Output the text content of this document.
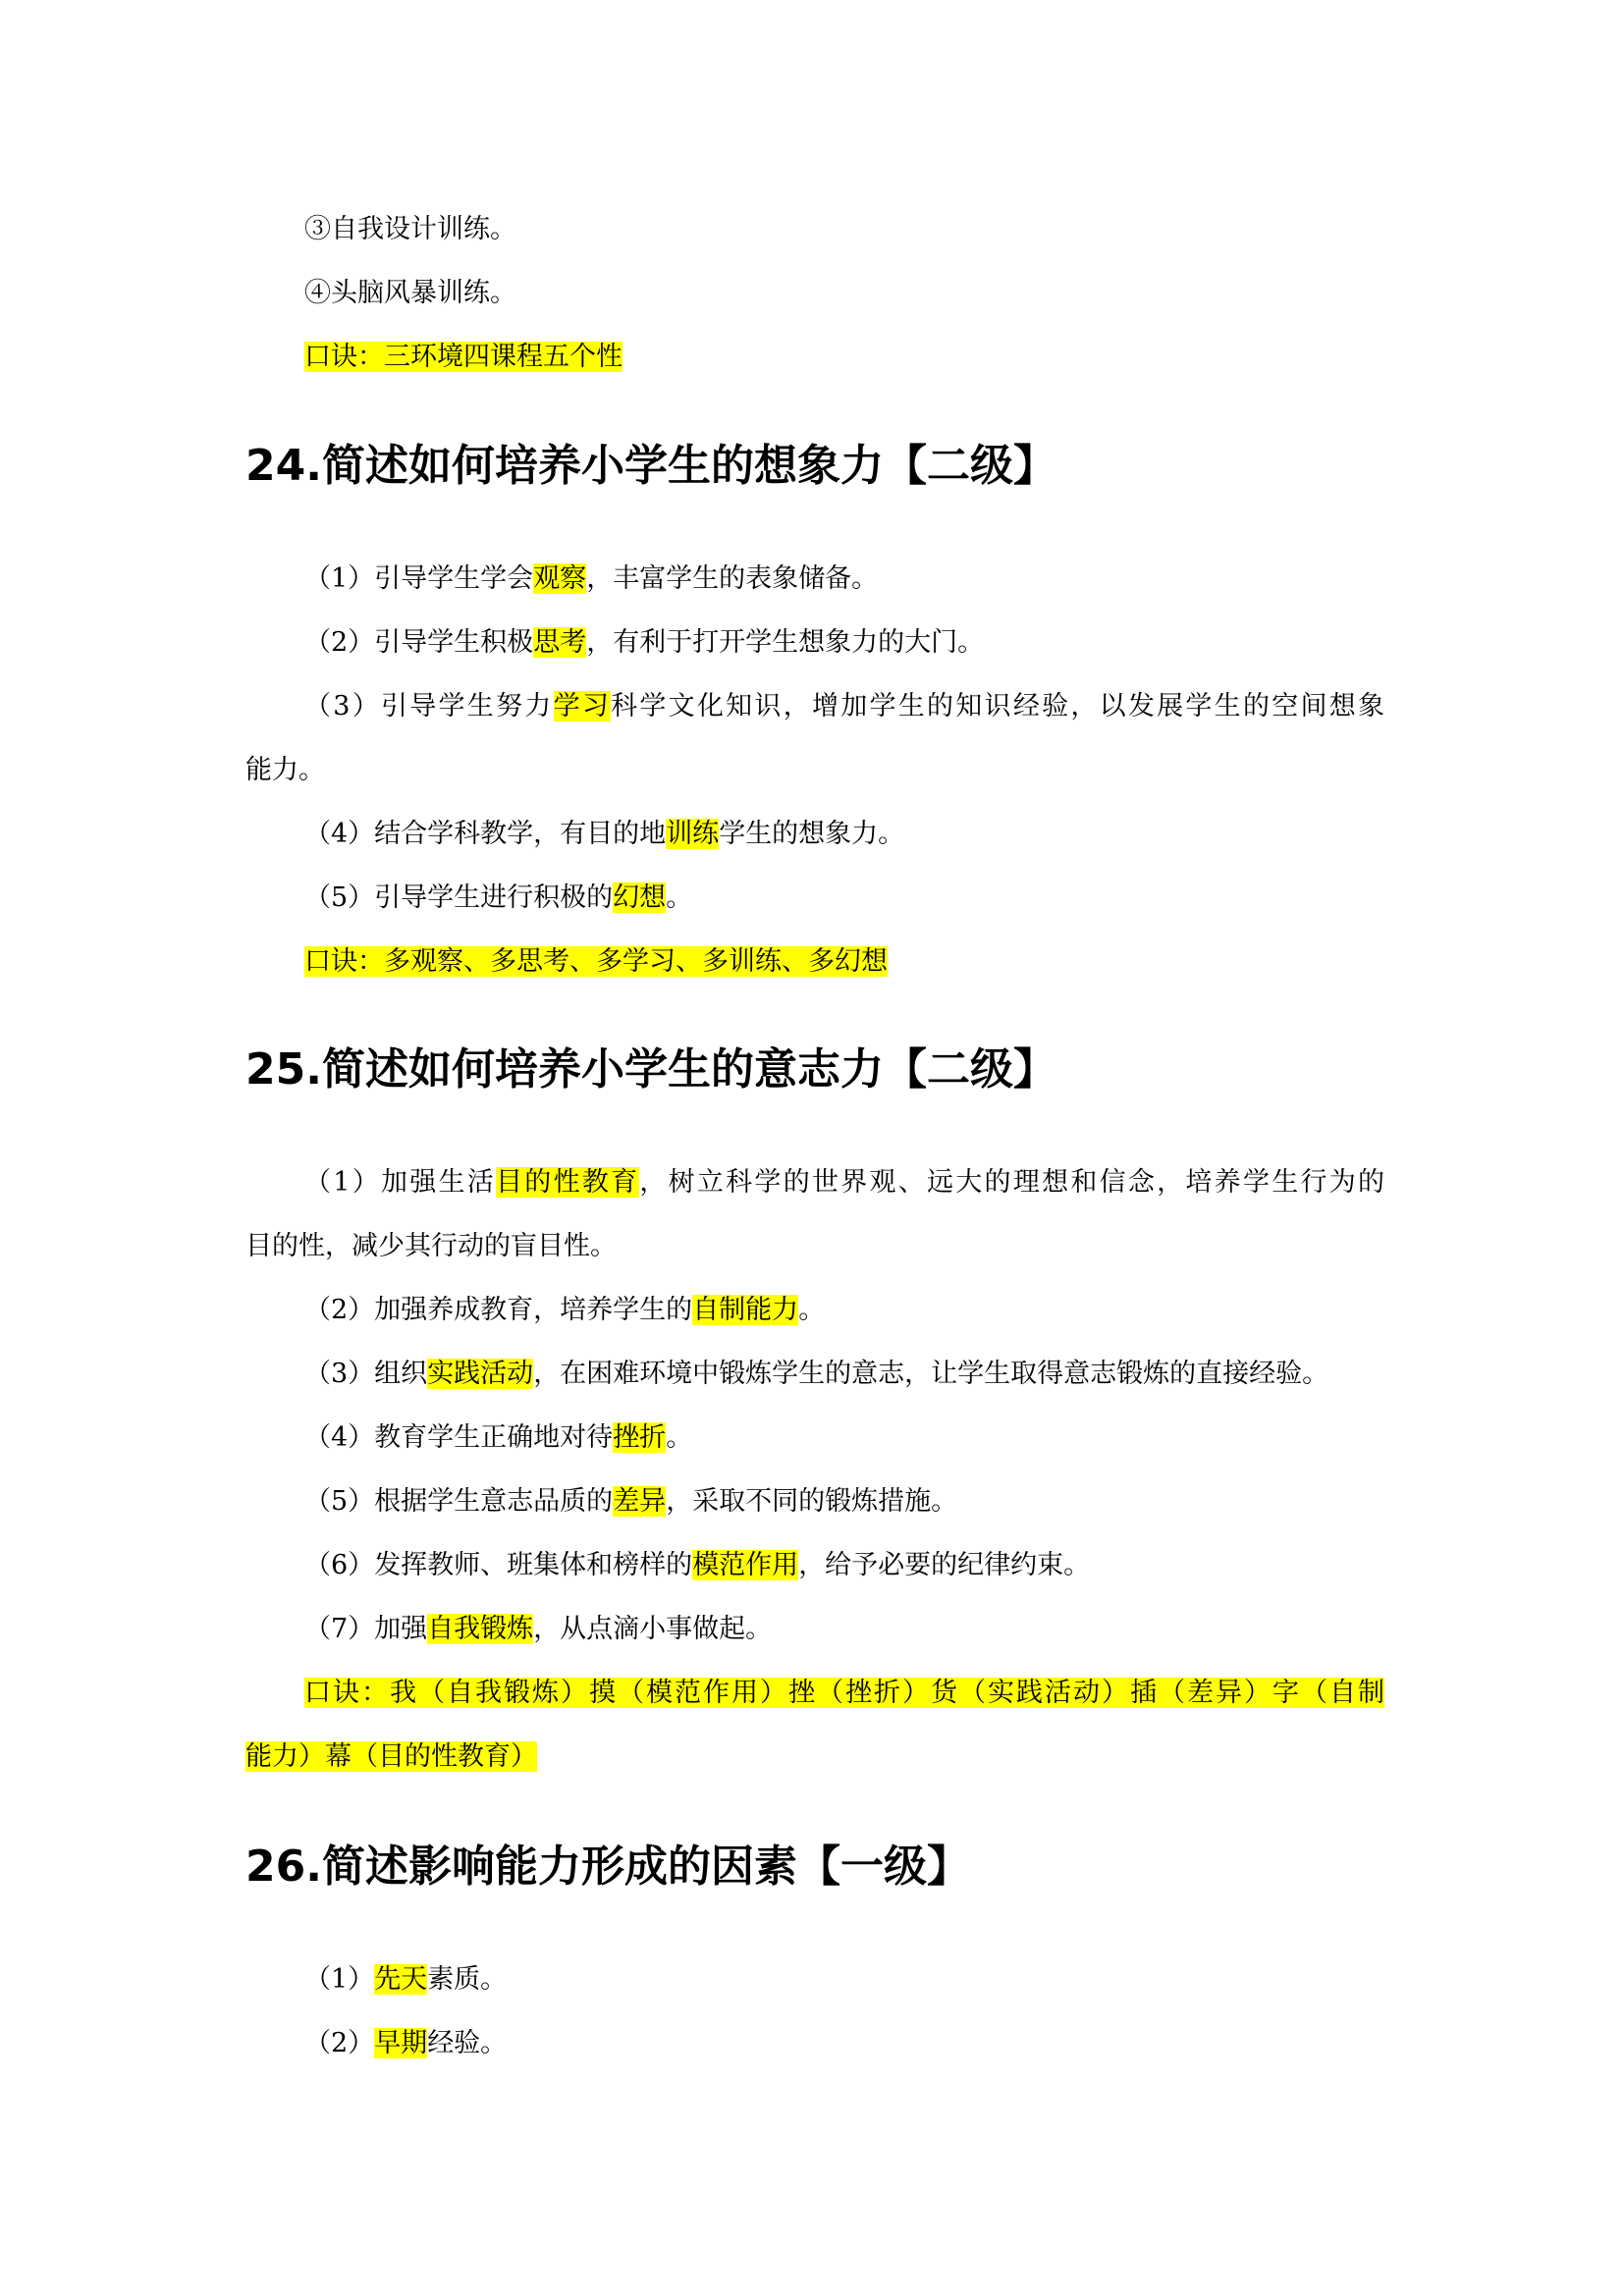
③自我设计训练。
④头脑风暴训练。
口诀：三环境四课程五个性
24.简述如何培养小学生的想象力【二级】
（1）引导学生学会观察，丰富学生的表象储备。
（2）引导学生积极思考，有利于打开学生想象力的大门。
（3）引导学生努力学习科学文化知识，增加学生的知识经验，以发展学生的空间想象
能力。
（4）结合学科教学，有目的地训练学生的想象力。
（5）引导学生进行积极的幻想。
口诀：多观察、多思考、多学习、多训练、多幻想
25.简述如何培养小学生的意志力【二级】
（1）加强生活目的性教育，树立科学的世界观、远大的理想和信念，培养学生行为的
目的性，减少其行动的盲目性。
（2）加强养成教育，培养学生的自制能力。
（3）组织实践活动，在困难环境中锻炼学生的意志，让学生取得意志锻炼的直接经验。
（4）教育学生正确地对待挫折。
（5）根据学生意志品质的差异，采取不同的锻炼措施。
（6）发挥教师、班集体和榜样的模范作用，给予必要的纪律约束。
（7）加强自我锻炼，从点滴小事做起。
口诀：我（自我锻炼）摸（模范作用）挫（挫折）货（实践活动）插（差异）字（自制
能力）幕（目的性教育）
26.简述影响能力形成的因素【一级】
（1）先天素质。
（2）早期经验。
